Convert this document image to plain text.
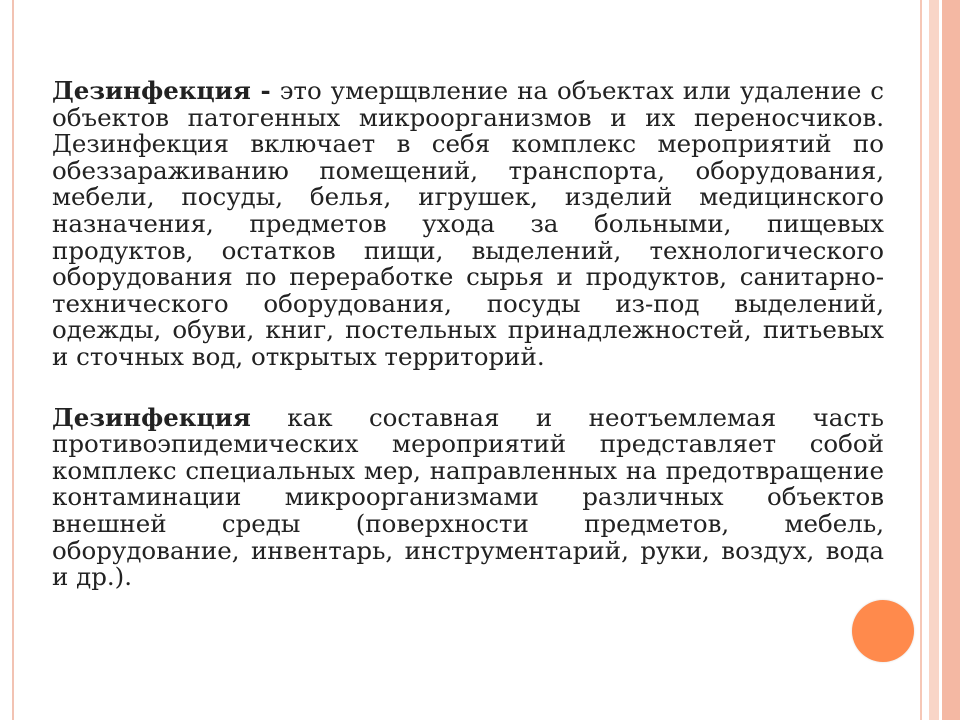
Дезинфекция - это умерщвление на объектах или удаление с объектов патогенных микроорганизмов и их переносчиков. Дезинфекция включает в себя комплекс мероприятий по обеззараживанию помещений, транспорта, оборудования, мебели, посуды, белья, игрушек, изделий медицинского назначения, предметов ухода за больными, пищевых продуктов, остатков пищи, выделений, технологического оборудования по переработке сырья и продуктов, санитарно-технического оборудования, посуды из-под выделений, одежды, обуви, книг, постельных принадлежностей, питьевых и сточных вод, открытых территорий.

Дезинфекция как составная и неотъемлемая часть противоэпидемических мероприятий представляет собой комплекс специальных мер, направленных на предотвращение контаминации микроорганизмами различных объектов внешней среды (поверхности предметов, мебель, оборудование, инвентарь, инструментарий, руки, воздух, вода и др.).
